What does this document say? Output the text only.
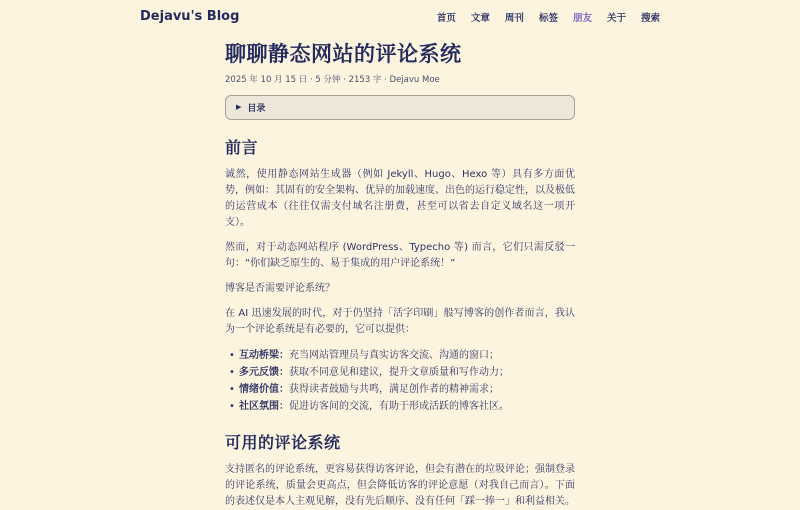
Dejavu's Blog	首页 文章 周刊 标签 朋友 关于 搜索
聊聊静态网站的评论系统
2025 年 10 月 15 日 · 5 分钟 · 2153 字 · Dejavu Moe
▶ 目录
前言

诚然，使用静态网站生成器（例如 Jekyll、Hugo、Hexo 等）具有多方面优势，例如：其固有的安全架构、优异的加载速度、出色的运行稳定性，以及极低的运营成本（往往仅需支付域名注册费，甚至可以省去自定义域名这一项开支）。

然而，对于动态网站程序 (WordPress、Typecho 等) 而言，它们只需反驳一句：“你们缺乏原生的、易于集成的用户评论系统！”

博客是否需要评论系统？

在 AI 迅速发展的时代，对于仍坚持「活字印刷」般写博客的创作者而言，我认为一个评论系统是有必要的，它可以提供：

• 互动桥梁：充当网站管理员与真实访客交流、沟通的窗口；
• 多元反馈：获取不同意见和建议，提升文章质量和写作动力；
• 情绪价值：获得读者鼓励与共鸣，满足创作者的精神需求；
• 社区氛围：促进访客间的交流，有助于形成活跃的博客社区。
可用的评论系统

支持匿名的评论系统，更容易获得访客评论，但会有潜在的垃圾评论；强制登录的评论系统，质量会更高点，但会降低访客的评论意愿（对我自己而言）。下面的表述仅是本人主观见解，没有先后顺序、没有任何「踩一捧一」和利益相关。
